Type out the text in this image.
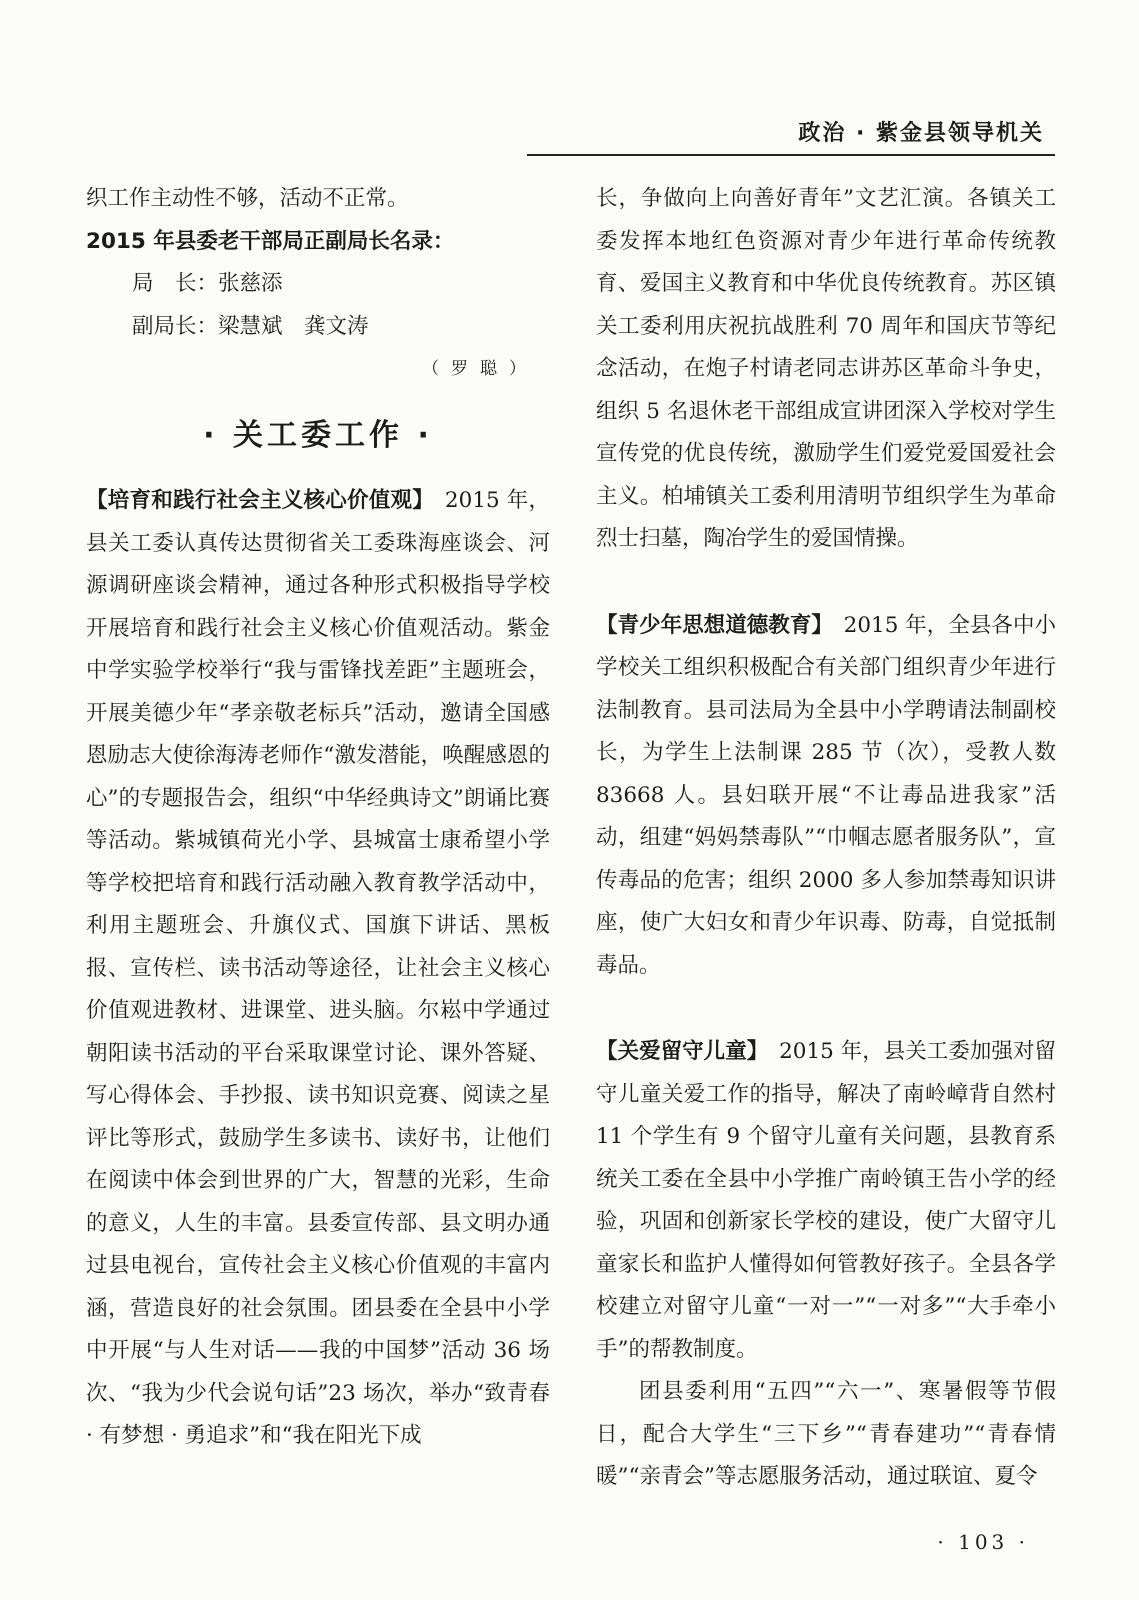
政治 · 紫金县领导机关

织工作主动性不够，活动不正常。

2015 年县委老干部局正副局长名录：

局　长：张慈添

副局长：梁慧斌　龚文涛

（罗聪）

· 关工委工作 ·

【培育和践行社会主义核心价值观】　2015 年，县关工委认真传达贯彻省关工委珠海座谈会、河源调研座谈会精神，通过各种形式积极指导学校开展培育和践行社会主义核心价值观活动。紫金中学实验学校举行“我与雷锋找差距”主题班会，开展美德少年“孝亲敬老标兵”活动，邀请全国感恩励志大使徐海涛老师作“激发潜能，唤醒感恩的心”的专题报告会，组织“中华经典诗文”朗诵比赛等活动。紫城镇荷光小学、县城富士康希望小学等学校把培育和践行活动融入教育教学活动中，利用主题班会、升旗仪式、国旗下讲话、黑板报、宣传栏、读书活动等途径，让社会主义核心价值观进教材、进课堂、进头脑。尔崧中学通过朝阳读书活动的平台采取课堂讨论、课外答疑、写心得体会、手抄报、读书知识竞赛、阅读之星评比等形式，鼓励学生多读书、读好书，让他们在阅读中体会到世界的广大，智慧的光彩，生命的意义，人生的丰富。县委宣传部、县文明办通过县电视台，宣传社会主义核心价值观的丰富内涵，营造良好的社会氛围。团县委在全县中小学中开展“与人生对话——我的中国梦”活动 36 场次、“我为少代会说句话”23 场次，举办“致青春 · 有梦想 · 勇追求”和“我在阳光下成

长，争做向上向善好青年”文艺汇演。各镇关工委发挥本地红色资源对青少年进行革命传统教育、爱国主义教育和中华优良传统教育。苏区镇关工委利用庆祝抗战胜利 70 周年和国庆节等纪念活动，在炮子村请老同志讲苏区革命斗争史，组织 5 名退休老干部组成宣讲团深入学校对学生宣传党的优良传统，激励学生们爱党爱国爱社会主义。柏埔镇关工委利用清明节组织学生为革命烈士扫墓，陶冶学生的爱国情操。

【青少年思想道德教育】　2015 年，全县各中小学校关工组织积极配合有关部门组织青少年进行法制教育。县司法局为全县中小学聘请法制副校长，为学生上法制课 285 节（次），受教人数 83668 人。县妇联开展“不让毒品进我家”活动，组建“妈妈禁毒队”“巾帼志愿者服务队”，宣传毒品的危害；组织 2000 多人参加禁毒知识讲座，使广大妇女和青少年识毒、防毒，自觉抵制毒品。

【关爱留守儿童】　2015 年，县关工委加强对留守儿童关爱工作的指导，解决了南岭嶂背自然村 11 个学生有 9 个留守儿童有关问题，县教育系统关工委在全县中小学推广南岭镇王告小学的经验，巩固和创新家长学校的建设，使广大留守儿童家长和监护人懂得如何管教好孩子。全县各学校建立对留守儿童“一对一”“一对多”“大手牵小手”的帮教制度。

团县委利用“五四”“六一”、寒暑假等节假日，配合大学生“三下乡”“青春建功”“青春情暖”“亲青会”等志愿服务活动，通过联谊、夏令

· 103 ·
